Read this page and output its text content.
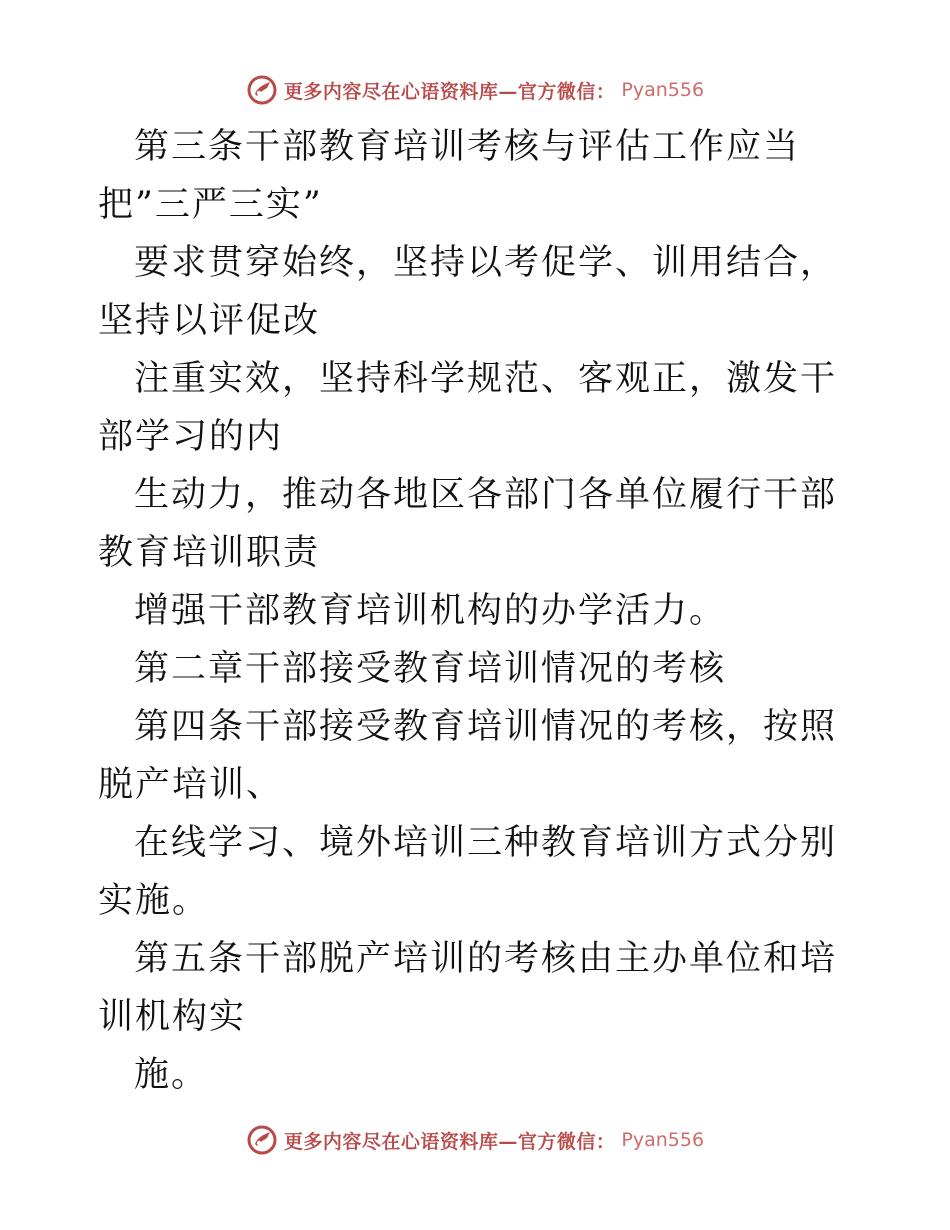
更多内容尽在心语资料库—官方微信： Pyan556

第三条干部教育培训考核与评估工作应当把”三严三实”

要求贯穿始终，坚持以考促学、训用结合，坚持以评促改

注重实效，坚持科学规范、客观正，激发干部学习的内

生动力，推动各地区各部门各单位履行干部教育培训职责

增强干部教育培训机构的办学活力。

第二章干部接受教育培训情况的考核

第四条干部接受教育培训情况的考核，按照脱产培训、

在线学习、境外培训三种教育培训方式分别实施。

第五条干部脱产培训的考核由主办单位和培训机构实

施。

更多内容尽在心语资料库—官方微信： Pyan556
